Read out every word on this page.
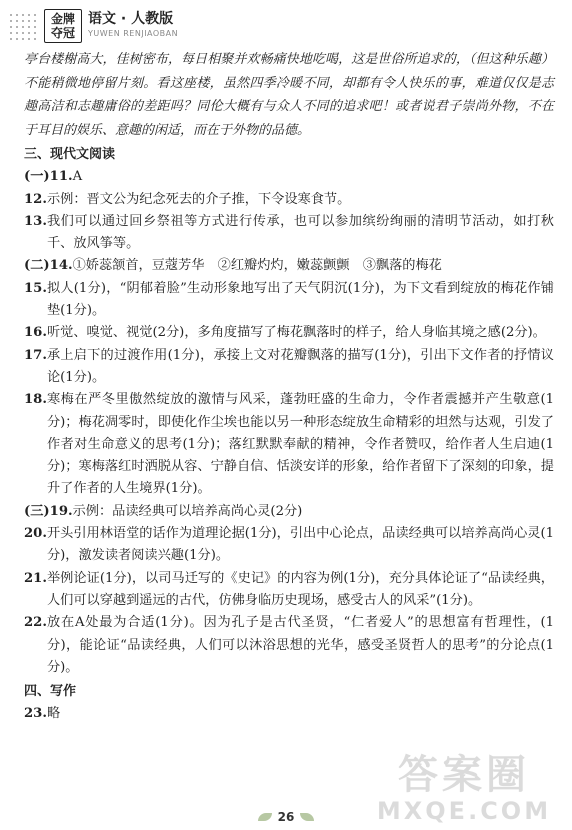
金牌
夺冠
语文 · 人教版
YUWEN RENJIAOBAN
亭台楼榭高大，佳树密布，每日相聚并欢畅痛快地吃喝，这是世俗所追求的，（但这种乐趣）不能稍微地停留片刻。看这座楼，虽然四季冷暖不同，却都有令人快乐的事，难道仅仅是志趣高洁和志趣庸俗的差距吗？同伦大概有与众人不同的追求吧！或者说君子崇尚外物，不在于耳目的娱乐、意趣的闲适，而在于外物的品德。
三、现代文阅读
(一)11. A
12. 示例：晋文公为纪念死去的介子推，下令设寒食节。
13. 我们可以通过回乡祭祖等方式进行传承，也可以参加缤纷绚丽的清明节活动，如打秋千、放风筝等。
(二)14. ①娇蕊颔首，豆蔻芳华　②红瓣灼灼，嫩蕊颤颤　③飘落的梅花
15. 拟人(1分)，“阴郁着脸”生动形象地写出了天气阴沉(1分)，为下文看到绽放的梅花作铺垫(1分)。
16. 听觉、嗅觉、视觉(2分)，多角度描写了梅花飘落时的样子，给人身临其境之感(2分)。
17. 承上启下的过渡作用(1分)，承接上文对花瓣飘落的描写(1分)，引出下文作者的抒情议论(1分)。
18. 寒梅在严冬里傲然绽放的激情与风采，蓬勃旺盛的生命力，令作者震撼并产生敬意(1分)；梅花凋零时，即使化作尘埃也能以另一种形态绽放生命精彩的坦然与达观，引发了作者对生命意义的思考(1分)；落红默默奉献的精神，令作者赞叹，给作者人生启迪(1分)；寒梅落红时洒脱从容、宁静自信、恬淡安详的形象，给作者留下了深刻的印象，提升了作者的人生境界(1分)。
(三)19. 示例：品读经典可以培养高尚心灵(2分)
20. 开头引用林语堂的话作为道理论据(1分)，引出中心论点，品读经典可以培养高尚心灵(1分)，激发读者阅读兴趣(1分)。
21. 举例论证(1分)，以司马迁写的《史记》的内容为例(1分)，充分具体论证了“品读经典，人们可以穿越到遥远的古代，仿佛身临历史现场，感受古人的风采”(1分)。
22. 放在A处最为合适(1分)。因为孔子是古代圣贤，“仁者爱人”的思想富有哲理性，(1分)，能论证“品读经典，人们可以沐浴思想的光华，感受圣贤哲人的思考”的分论点(1分)。
四、写作
23. 略
答案圈
MXQE.COM
26
